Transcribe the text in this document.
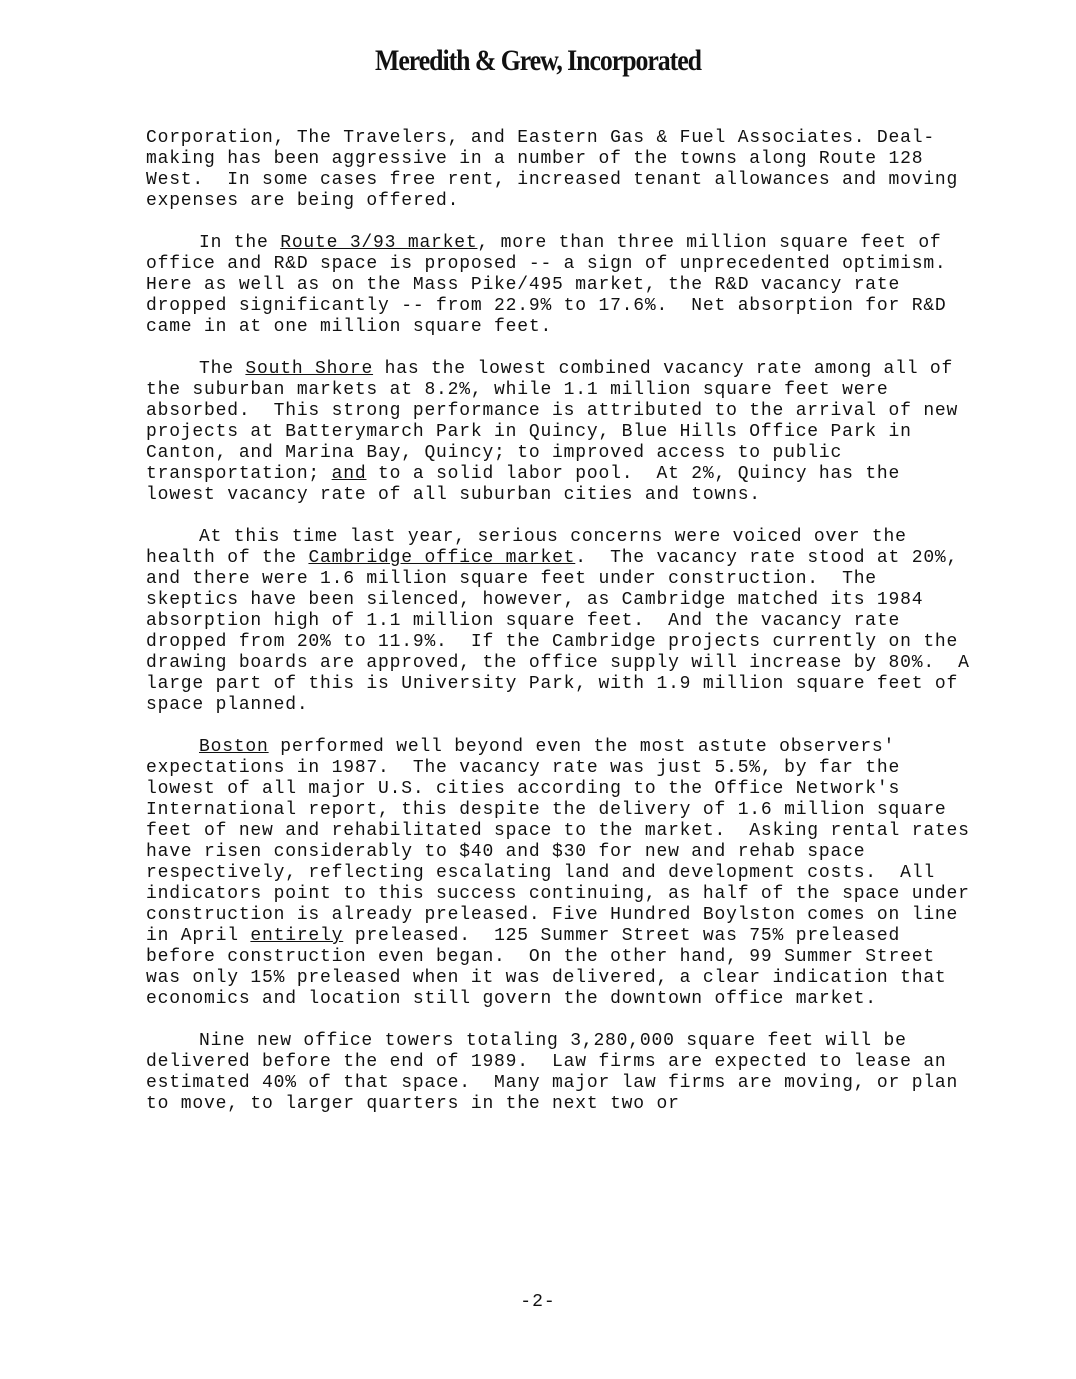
Meredith & Grew, Incorporated

Corporation, The Travelers, and Eastern Gas & Fuel Associates. Deal-making has been aggressive in a number of the towns along Route 128 West.  In some cases free rent, increased tenant allowances and moving expenses are being offered.

In the Route 3/93 market, more than three million square feet of office and R&D space is proposed -- a sign of unprecedented optimism.  Here as well as on the Mass Pike/495 market, the R&D vacancy rate dropped significantly -- from 22.9% to 17.6%.  Net absorption for R&D came in at one million square feet.

The South Shore has the lowest combined vacancy rate among all of the suburban markets at 8.2%, while 1.1 million square feet were absorbed.  This strong performance is attributed to the arrival of new projects at Batterymarch Park in Quincy, Blue Hills Office Park in Canton, and Marina Bay, Quincy; to improved access to public transportation; and to a solid labor pool.  At 2%, Quincy has the lowest vacancy rate of all suburban cities and towns.

At this time last year, serious concerns were voiced over the health of the Cambridge office market.  The vacancy rate stood at 20%, and there were 1.6 million square feet under construction.  The skeptics have been silenced, however, as Cambridge matched its 1984 absorption high of 1.1 million square feet.  And the vacancy rate dropped from 20% to 11.9%.  If the Cambridge projects currently on the drawing boards are approved, the office supply will increase by 80%.  A large part of this is University Park, with 1.9 million square feet of space planned.

Boston performed well beyond even the most astute observers' expectations in 1987.  The vacancy rate was just 5.5%, by far the lowest of all major U.S. cities according to the Office Network's International report, this despite the delivery of 1.6 million square feet of new and rehabilitated space to the market.  Asking rental rates have risen considerably to $40 and $30 for new and rehab space respectively, reflecting escalating land and development costs.  All indicators point to this success continuing, as half of the space under construction is already preleased. Five Hundred Boylston comes on line in April entirely preleased.  125 Summer Street was 75% preleased before construction even began.  On the other hand, 99 Summer Street was only 15% preleased when it was delivered, a clear indication that economics and location still govern the downtown office market.

Nine new office towers totaling 3,280,000 square feet will be delivered before the end of 1989.  Law firms are expected to lease an estimated 40% of that space.  Many major law firms are moving, or plan to move, to larger quarters in the next two or

-2-
